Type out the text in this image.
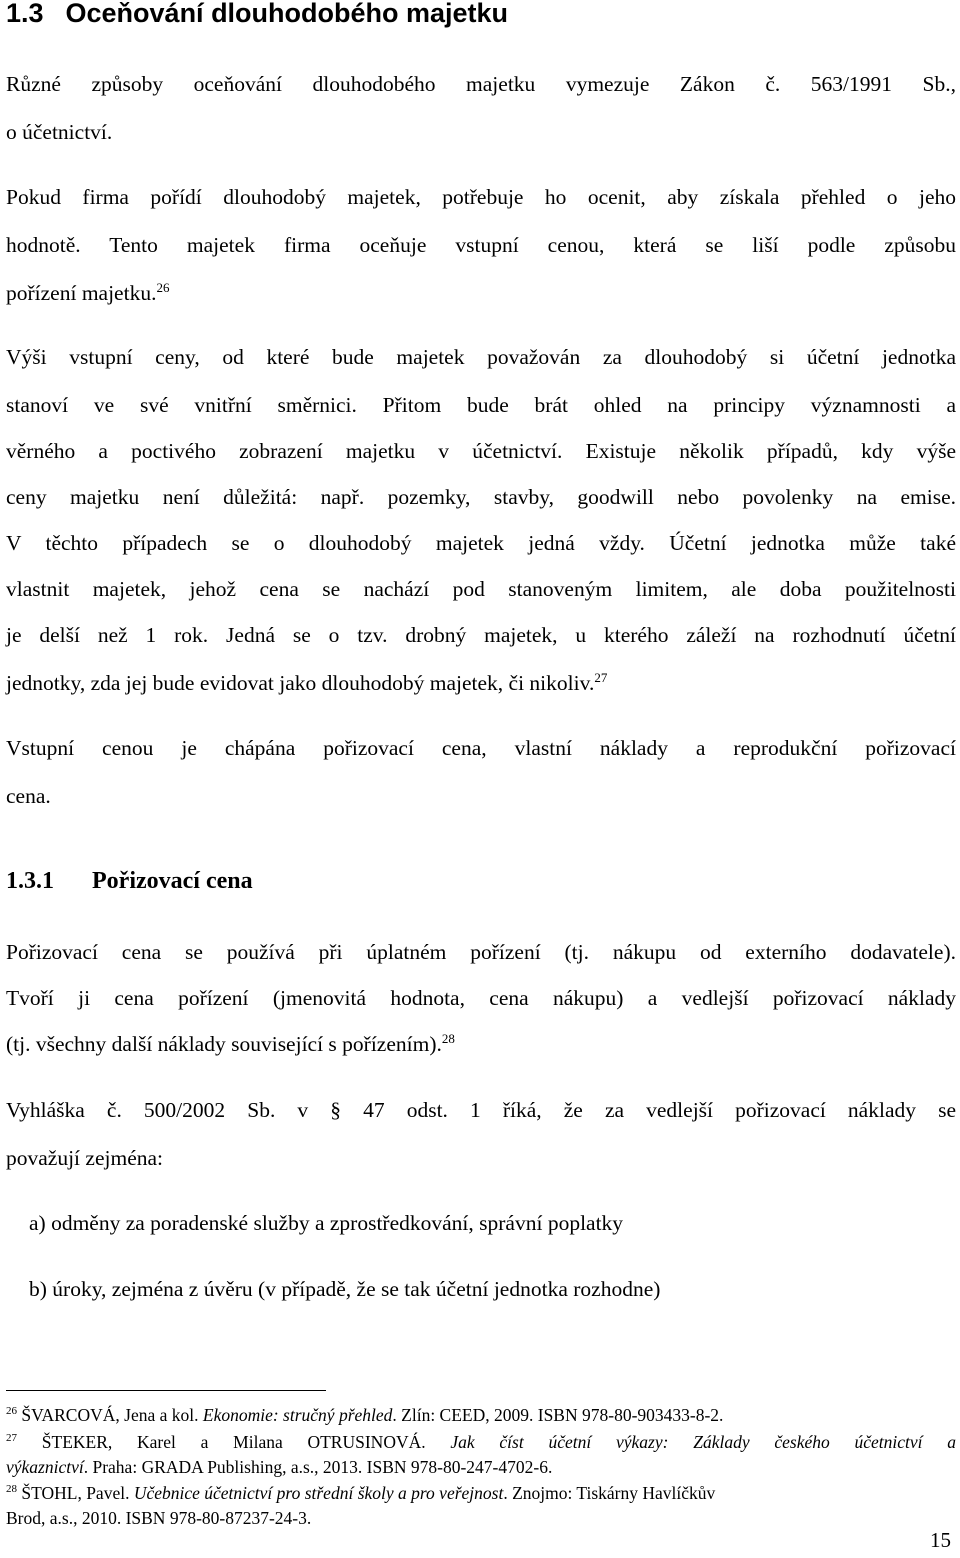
1.3 Oceňování dlouhodobého majetku
Různé způsoby oceňování dlouhodobého majetku vymezuje Zákon č. 563/1991 Sb.,
o účetnictví.
Pokud firma pořídí dlouhodobý majetek, potřebuje ho ocenit, aby získala přehled o jeho
hodnotě. Tento majetek firma oceňuje vstupní cenou, která se liší podle způsobu
pořízení majetku.$^{26}$
Výši vstupní ceny, od které bude majetek považován za dlouhodobý si účetní jednotka
stanoví ve své vnitřní směrnici. Přitom bude brát ohled na principy významnosti a
věrného a poctivého zobrazení majetku v účetnictví. Existuje několik případů, kdy výše
ceny majetku není důležitá: např. pozemky, stavby, goodwill nebo povolenky na emise.
V těchto případech se o dlouhodobý majetek jedná vždy. Účetní jednotka může také
vlastnit majetek, jehož cena se nachází pod stanoveným limitem, ale doba použitelnosti
je delší než 1 rok. Jedná se o tzv. drobný majetek, u kterého záleží na rozhodnutí účetní
jednotky, zda jej bude evidovat jako dlouhodobý majetek, či nikoliv.$^{27}$
Vstupní cenou je chápána pořizovací cena, vlastní náklady a reprodukční pořizovací
cena.
1.3.1 Pořizovací cena
Pořizovací cena se používá při úplatném pořízení (tj. nákupu od externího dodavatele).
Tvoří ji cena pořízení (jmenovitá hodnota, cena nákupu) a vedlejší pořizovací náklady
(tj. všechny další náklady související s pořízením).$^{28}$
Vyhláška č. 500/2002 Sb. v § 47 odst. 1 říká, že za vedlejší pořizovací náklady se
považují zejména:
a) odměny za poradenské služby a zprostředkování, správní poplatky
b) úroky, zejména z úvěru (v případě, že se tak účetní jednotka rozhodne)
$^{26}$ ŠVARCOVÁ, Jena a kol. Ekonomie: stručný přehled. Zlín: CEED, 2009. ISBN 978-80-903433-8-2.
$^{27}$ ŠTEKER, Karel a Milana OTRUSINOVÁ. Jak číst účetní výkazy: Základy českého účetnictví a
výkaznictví. Praha: GRADA Publishing, a.s., 2013. ISBN 978-80-247-4702-6.
$^{28}$ ŠTOHL, Pavel. Učebnice účetnictví pro střední školy a pro veřejnost. Znojmo: Tiskárny Havlíčkův
Brod, a.s., 2010. ISBN 978-80-87237-24-3.
15
